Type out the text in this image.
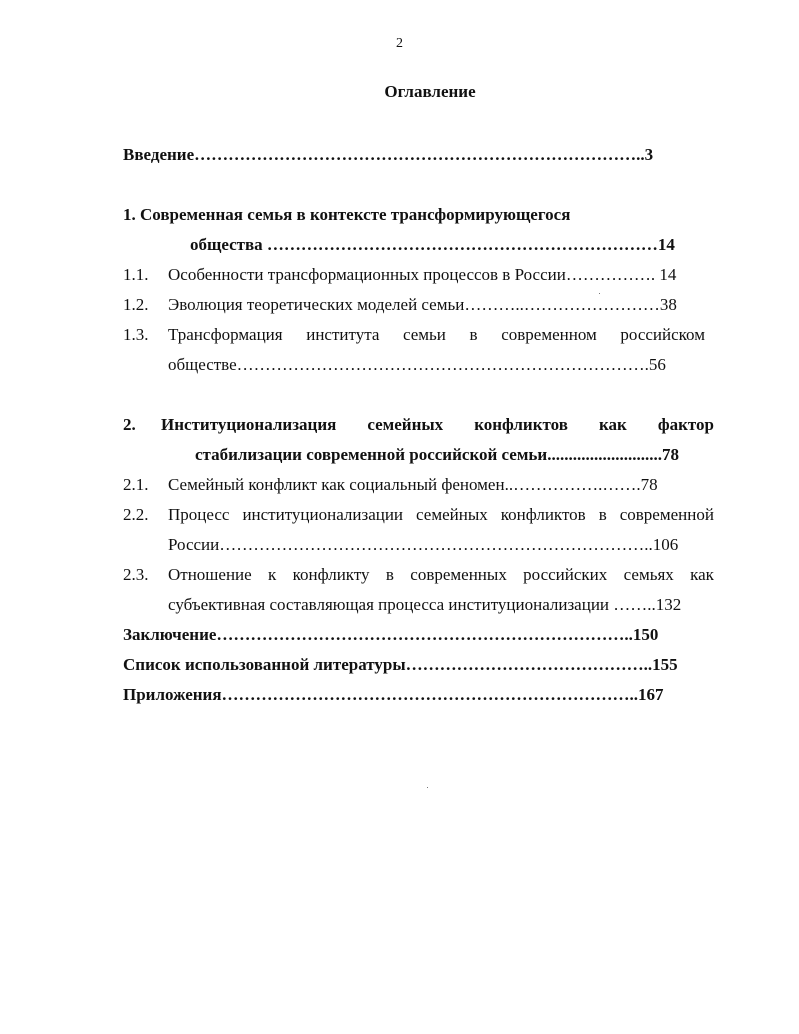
2
Оглавление
Введение……………………………………………………………………..3
1. Современная семья в контексте трансформирующегося
общества ……………………………………………………………14
1.1. Особенности трансформационных процессов в России……………. 14
1.2. Эволюция теоретических моделей семьи………..……………………38
1.3. Трансформация института семьи в современном российском
обществе……………………………………………………………….56
2. Институционализация семейных конфликтов как фактор
стабилизации современной российской семьи...........................78
2.1. Семейный конфликт как социальный феномен..…………….…….78
2.2. Процесс институционализации семейных конфликтов в современной
России…………………………………………………………………..106
2.3. Отношение к конфликту в современных российских семьях как
субъективная составляющая процесса институционализации ……..132
Заключение………………………………………………………………..150
Список использованной литературы……………………………………..155
Приложения………………………………………………………………..167
